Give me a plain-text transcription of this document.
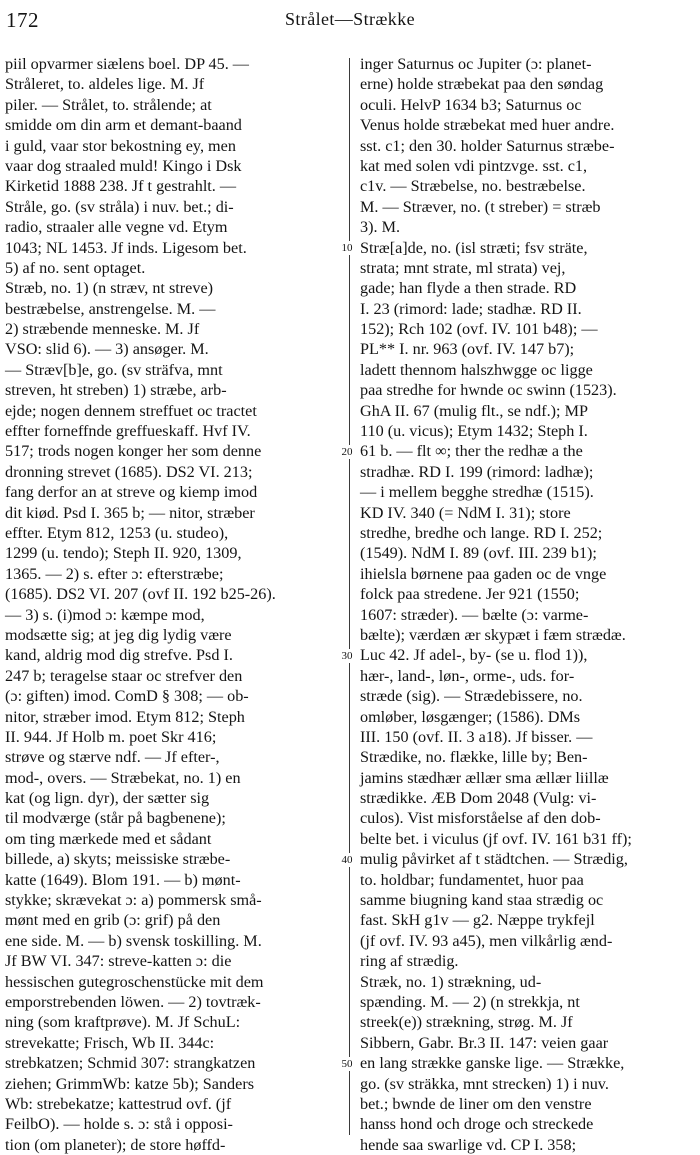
172	Strålet—Strække
piil opvarmer siælens boel. DP 45. —
Stråleret, to. aldeles lige. M. Jf
piler. — Strålet, to. strålende; at
smidde om din arm et demant-baand
i guld, vaar stor bekostning ey, men
vaar dog straaled muld! Kingo i Dsk
Kirketid 1888 238. Jf t gestrahlt. —
Stråle, go. (sv stråla) i nuv. bet.; di-
radio, straaler alle vegne vd. Etym
1043; NL 1453. Jf inds. Ligesom bet.
5) af no. sent optaget.
Stræb, no. 1) (n stræv, nt streve)
bestræbelse, anstrengelse. M. —
2) stræbende menneske. M. Jf
VSO: slid 6). — 3) ansøger. M.
— Stræv[b]e, go. (sv sträfva, mnt
streven, ht streben) 1) stræbe, arb-
ejde; nogen dennem streffuet oc tractet
effter forneffnde greffueskaff. Hvf IV.
517; trods nogen konger her som denne
dronning strevet (1685). DS2 VI. 213;
fang derfor an at streve og kiemp imod
dit kiød. Psd I. 365 b; — nitor, stræber
effter. Etym 812, 1253 (u. studeo),
1299 (u. tendo); Steph II. 920, 1309,
1365. — 2) s. efter ɔ: efterstræbe;
(1685). DS2 VI. 207 (ovf II. 192 b25-26).
— 3) s. (i)mod ɔ: kæmpe mod,
modsætte sig; at jeg dig lydig være
kand, aldrig mod dig strefve. Psd I.
247 b; teragelse staar oc strefver den
(ɔ: giften) imod. ComD § 308; — ob-
nitor, stræber imod. Etym 812; Steph
II. 944. Jf Holb m. poet Skr 416;
strøve og stærve ndf. — Jf efter-,
mod-, overs. — Stræbekat, no. 1) en
kat (og lign. dyr), der sætter sig
til modværge (står på bagbenene);
om ting mærkede med et sådant
billede, a) skyts; meissiske stræbe-
katte (1649). Blom 191. — b) mønt-
stykke; skrævekat ɔ: a) pommersk små-
mønt med en grib (ɔ: grif) på den
ene side. M. — b) svensk toskilling. M.
Jf BW VI. 347: streve-katten ɔ: die
hessischen gutegroschenstücke mit dem
emporstrebenden löwen. — 2) tovtræk-
ning (som kraftprøve). M. Jf SchuL:
strevekatte; Frisch, Wb II. 344c:
strebkatzen; Schmid 307: strangkatzen
ziehen; GrimmWb: katze 5b); Sanders
Wb: strebekatze; kattestrud ovf. (jf
FeilbO). — holde s. ɔ: stå i opposi-
tion (om planeter); de store høffd-
10
20
30
40
50
inger Saturnus oc Jupiter (ɔ: planet-
erne) holde stræbekat paa den søndag
oculi. HelvP 1634 b3; Saturnus oc
Venus holde stræbekat med huer andre.
sst. c1; den 30. holder Saturnus stræbe-
kat med solen vdi pintzvge. sst. c1,
c1v. — Stræbelse, no. bestræbelse.
M. — Stræver, no. (t streber) = stræb
3). M.
Stræ[a]de, no. (isl stræti; fsv sträte,
strata; mnt strate, ml strata) vej,
gade; han flyde a then strade. RD
I. 23 (rimord: lade; stadhæ. RD II.
152); Rch 102 (ovf. IV. 101 b48); —
PL** I. nr. 963 (ovf. IV. 147 b7);
ladett thennom halszhwgge oc ligge
paa stredhe for hwnde oc swinn (1523).
GhA II. 67 (mulig flt., se ndf.); MP
110 (u. vicus); Etym 1432; Steph I.
61 b. — flt ∞; ther the redhæ a the
stradhæ. RD I. 199 (rimord: ladhæ);
— i mellem begghe stredhæ (1515).
KD IV. 340 (= NdM I. 31); store
stredhe, bredhe och lange. RD I. 252;
(1549). NdM I. 89 (ovf. III. 239 b1);
ihielsla børnene paa gaden oc de vnge
folck paa stredene. Jer 921 (1550;
1607: stræder). — bælte (ɔ: varme-
bælte); værdæn ær skypæt i fæm strædæ.
Luc 42. Jf adel-, by- (se u. flod 1)),
hær-, land-, løn-, orme-, uds. for-
stræde (sig). — Strædebissere, no.
omløber, løsgænger; (1586). DMs
III. 150 (ovf. II. 3 a18). Jf bisser. —
Strædike, no. flække, lille by; Ben-
jamins stædhær ællær sma ællær liillæ
strædikke. ÆB Dom 2048 (Vulg: vi-
culos). Vist misforståelse af den dob-
belte bet. i viculus (jf ovf. IV. 161 b31 ff);
mulig påvirket af t städtchen. — Strædig,
to. holdbar; fundamentet, huor paa
samme biugning kand staa strædig oc
fast. SkH g1v — g2. Næppe trykfejl
(jf ovf. IV. 93 a45), men vilkårlig ænd-
ring af strædig.
Stræk, no. 1) strækning, ud-
spænding. M. — 2) (n strekkja, nt
streek(e)) strækning, strøg. M. Jf
Sibbern, Gabr. Br.3 II. 147: veien gaar
en lang strække ganske lige. — Strække,
go. (sv sträkka, mnt strecken) 1) i nuv.
bet.; bwnde de liner om den venstre
hanss hond och droge och streckede
hende saa swarlige vd. CP I. 358;
